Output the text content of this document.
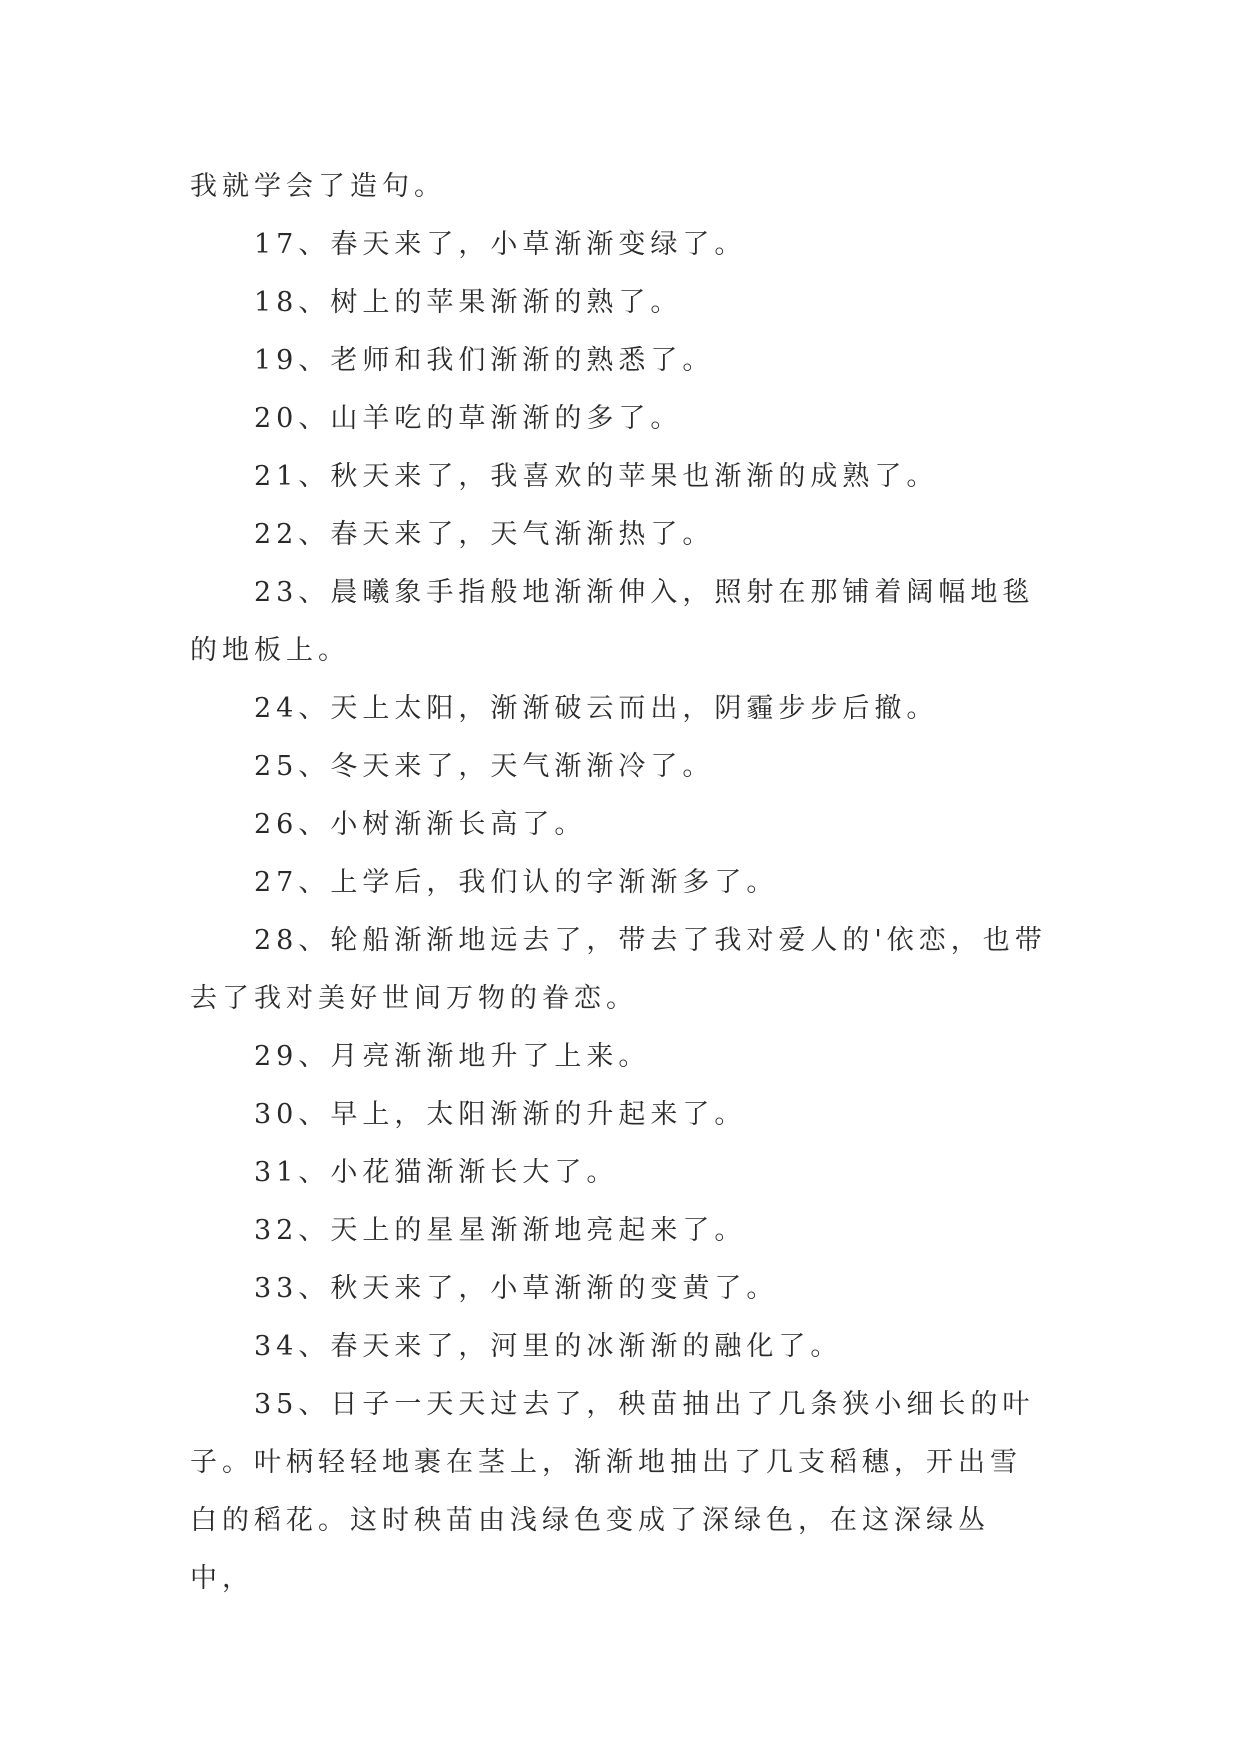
我就学会了造句。

17、春天来了，小草渐渐变绿了。

18、树上的苹果渐渐的熟了。

19、老师和我们渐渐的熟悉了。

20、山羊吃的草渐渐的多了。

21、秋天来了，我喜欢的苹果也渐渐的成熟了。

22、春天来了，天气渐渐热了。

23、晨曦象手指般地渐渐伸入，照射在那铺着阔幅地毯的地板上。

24、天上太阳，渐渐破云而出，阴霾步步后撤。

25、冬天来了，天气渐渐冷了。

26、小树渐渐长高了。

27、上学后，我们认的字渐渐多了。

28、轮船渐渐地远去了，带去了我对爱人的'依恋，也带去了我对美好世间万物的眷恋。

29、月亮渐渐地升了上来。

30、早上，太阳渐渐的升起来了。

31、小花猫渐渐长大了。

32、天上的星星渐渐地亮起来了。

33、秋天来了，小草渐渐的变黄了。

34、春天来了，河里的冰渐渐的融化了。

35、日子一天天过去了，秧苗抽出了几条狭小细长的叶子。叶柄轻轻地裹在茎上，渐渐地抽出了几支稻穗，开出雪白的稻花。这时秧苗由浅绿色变成了深绿色，在这深绿丛中，
